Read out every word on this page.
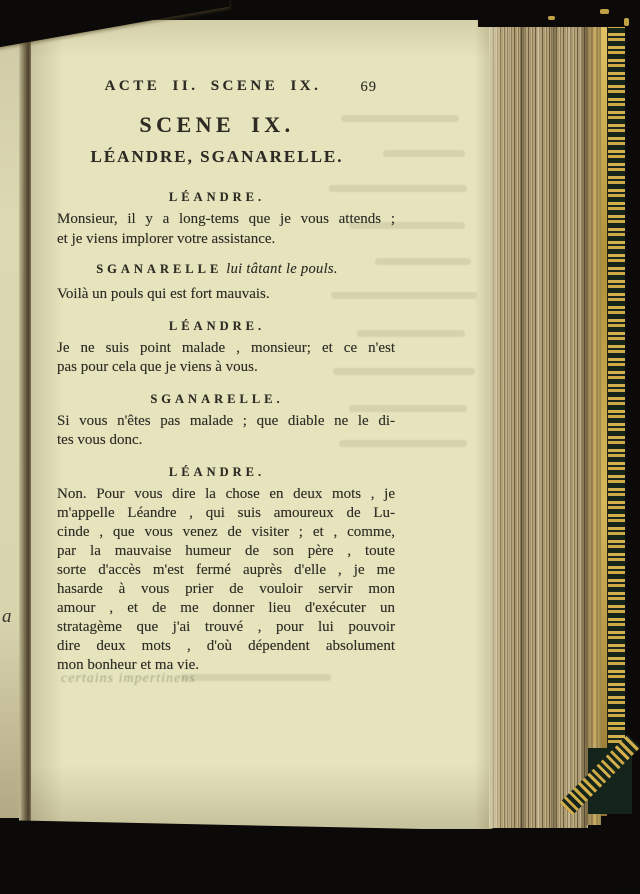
a
certains impertinens
ACTE II. SCENE IX.	69
SCENE IX.
LÉANDRE, SGANARELLE.
LÉANDRE.
Monsieur, il y a long-tems que je vous attends ;
et je viens implorer votre assistance.
SGANARELLE lui tâtant le pouls.
Voilà un pouls qui est fort mauvais.
LÉANDRE.
Je ne suis point malade , monsieur; et ce n'est
pas pour cela que je viens à vous.
SGANARELLE.
Si vous n'êtes pas malade ; que diable ne le di-
tes vous donc.
LÉANDRE.
Non. Pour vous dire la chose en deux mots , je
m'appelle Léandre , qui suis amoureux de Lu-
cinde , que vous venez de visiter ; et , comme,
par la mauvaise humeur de son père , toute
sorte d'accès m'est fermé auprès d'elle , je me
hasarde à vous prier de vouloir servir mon
amour , et de me donner lieu d'exécuter un
stratagème que j'ai trouvé , pour lui pouvoir
dire deux mots , d'où dépendent absolument
mon bonheur et ma vie.
